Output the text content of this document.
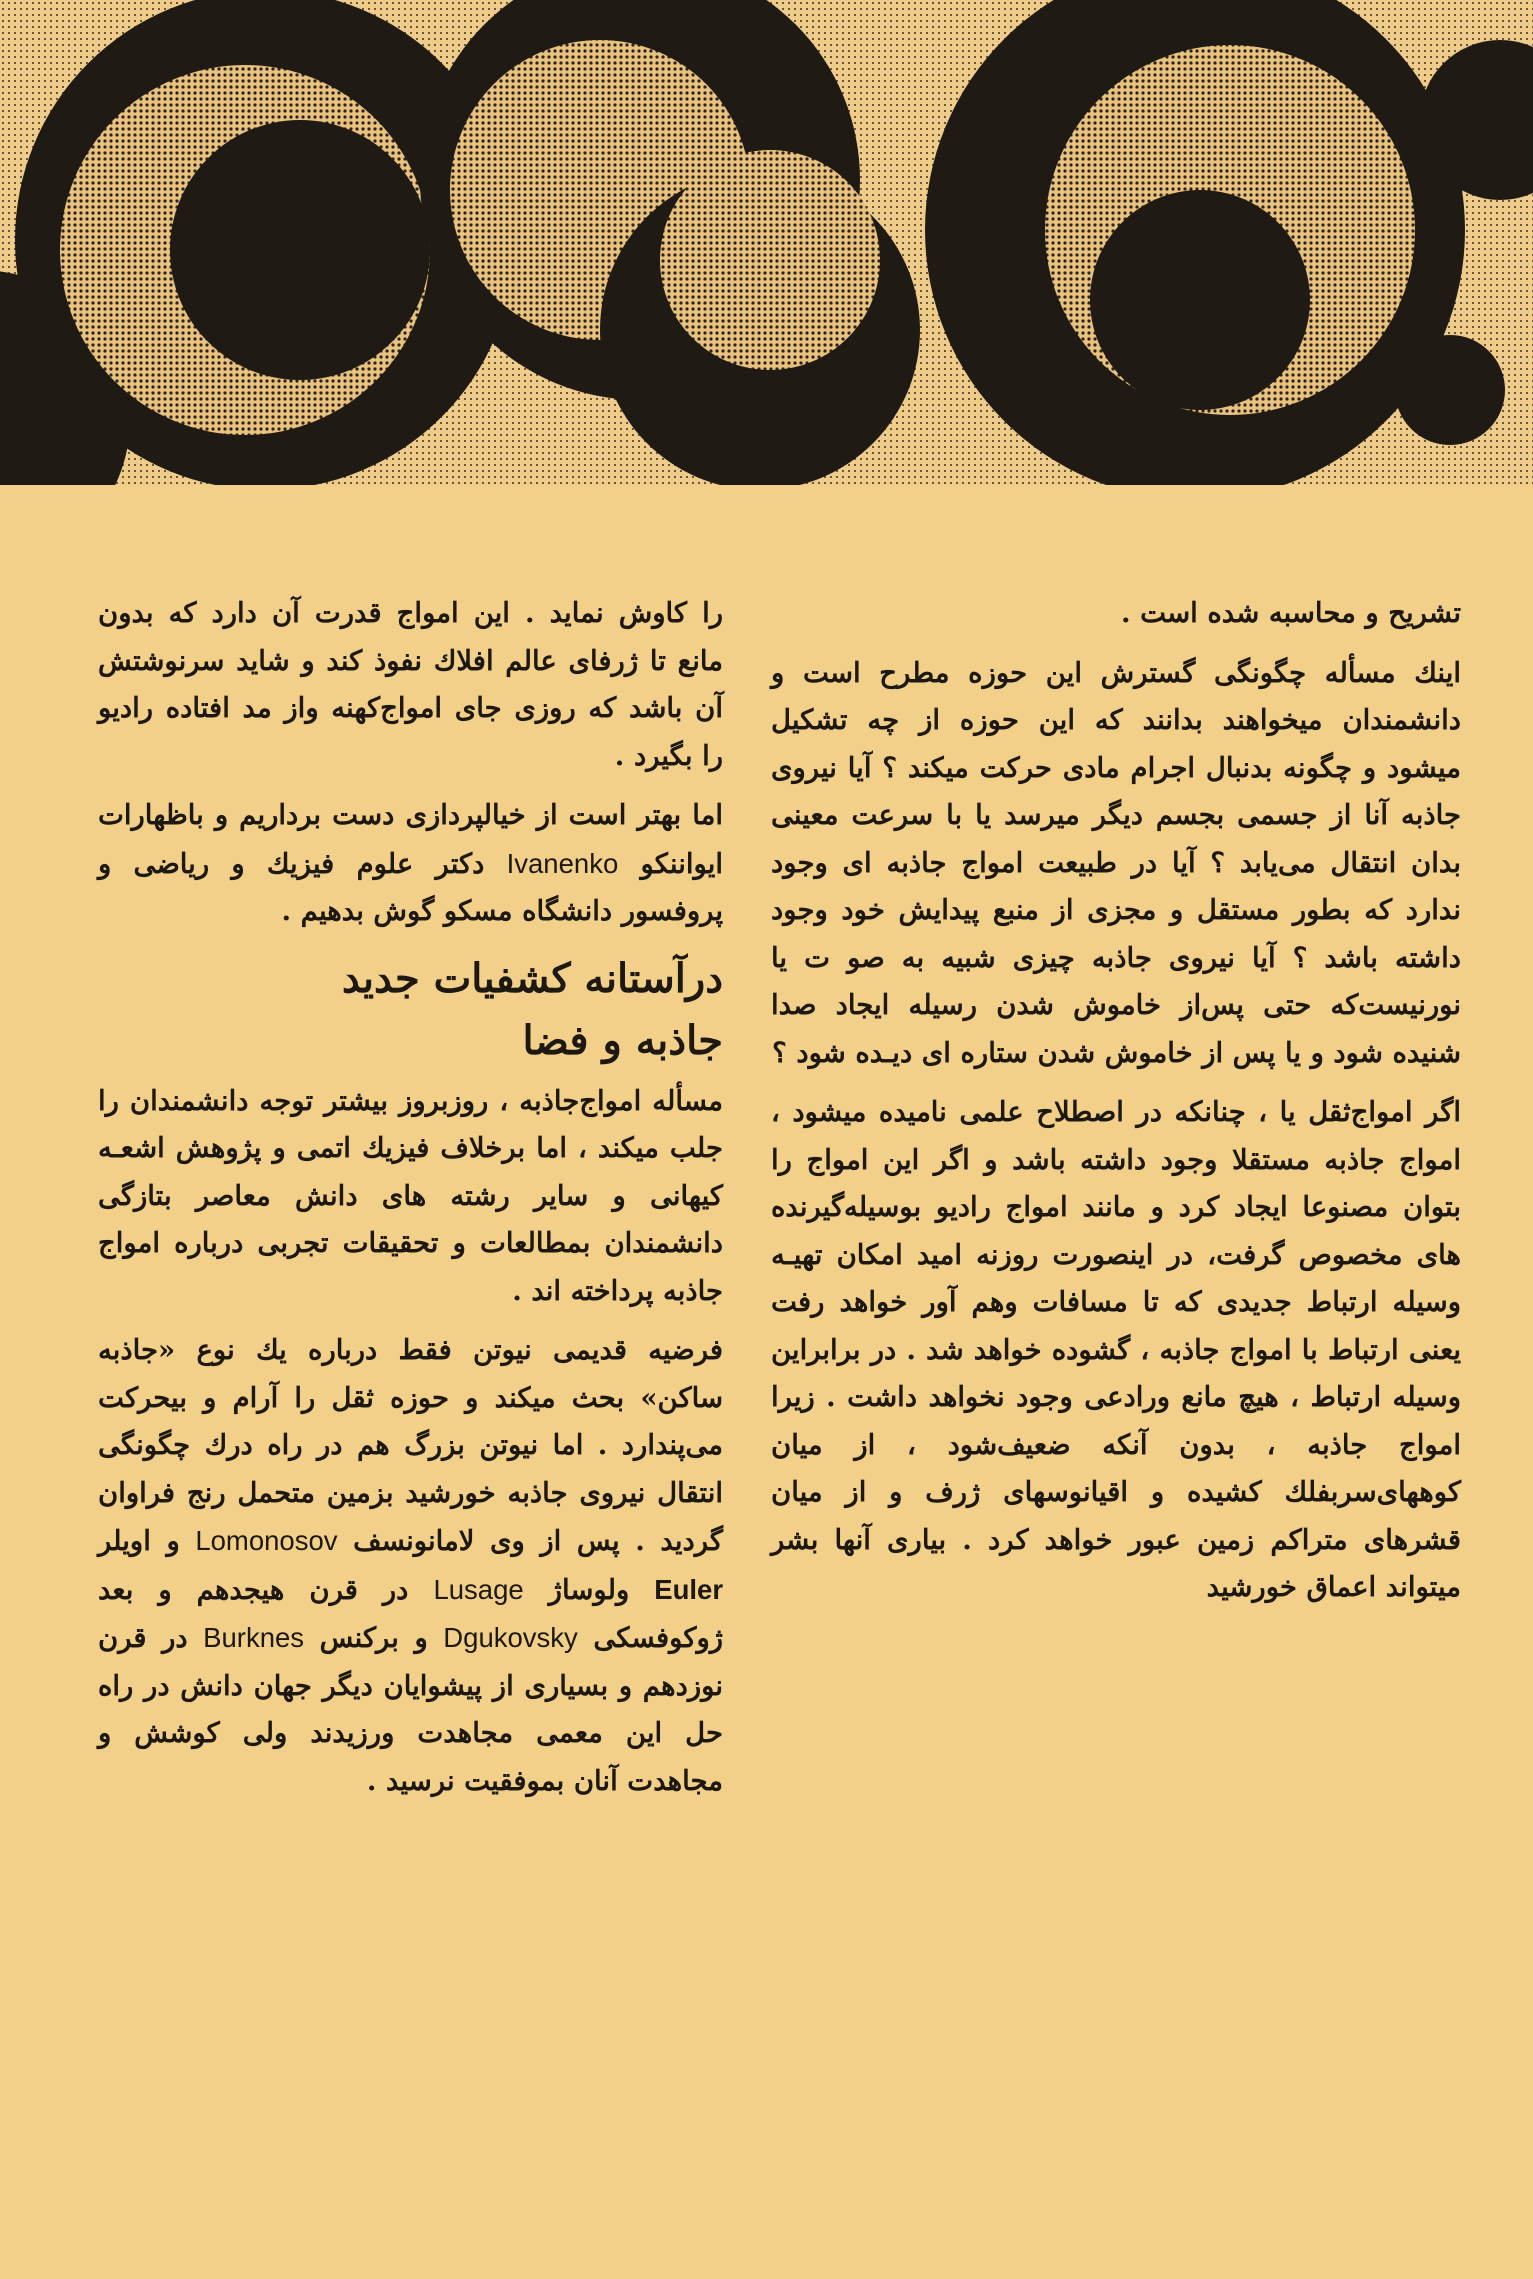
تشریح و محاسبه شده است .

اینك مسأله چگونگی گسترش این حوزه مطرح است و دانشمندان میخواهند بدانند که این حوزه از چه تشکیل میشود و چگونه بدنبال اجرام مادی حرکت میکند ؟ آیا نیروی جاذبه آنا از جسمی بجسم دیگر میرسد یا با سرعت معینی بدان انتقال می‌یابد ؟ آیا در طبیعت امواج جاذبه ای وجود ندارد که بطور مستقل و مجزی از منبع پیدایش خود وجود داشته باشد ؟ آیا نیروی جاذبه چیزی شبیه به صو ت یا نورنیست‌که حتی پس‌از خاموش شدن رسیله ایجاد صدا شنیده شود و یا پس از خاموش شدن ستاره ای دیـده شود ؟

اگر امواج‌ثقل یا ، چنانکه در اصطلاح علمی نامیده میشود ، امواج جاذبه مستقلا وجود داشته باشد و اگر این امواج را بتوان مصنوعا ایجاد کرد و مانند امواج رادیو بوسیله‌گیرنده های مخصوص گرفت، در اینصورت روزنه امید امکان تهیـه وسیله ارتباط جدیدی که تا مسافات وهم آور خواهد رفت یعنی ارتباط با امواج جاذبه ، گشوده خواهد شد . در برابراین وسیله ارتباط ، هیچ مانع ورادعی وجود نخواهد داشت . زیرا امواج جاذبه ، بدون آنکه ضعیف‌شود ، از میان کوههای‌سربفلك کشیده و اقیانوسهای ژرف و از میان قشرهای متراکم زمین عبور خواهد کرد . بیاری آنها بشر میتواند اعماق خورشید

را کاوش نماید . این امواج قدرت آن دارد که بدون مانع تا ژرفای عالم افلاك نفوذ کند و شاید سرنوشتش آن باشد که روزی جای امواج‌کهنه واز مد افتاده رادیو را بگیرد .

اما بهتر است از خیالپردازی دست برداریم و باظهارات ایواننکو Ivanenko دکتر علوم فیزیك و ریاضی و پروفسور دانشگاه مسکو گوش بدهیم .

درآستانه کشفیات جدید
جاذبه و فضا

مسأله امواج‌جاذبه ، روزبروز بیشتر توجه دانشمندان را جلب میکند ، اما برخلاف فیزیك اتمی و پژوهش اشعـه کیهانی و سایر رشته های دانش معاصر بتازگی دانشمندان بمطالعات و تحقیقات تجربی درباره امواج جاذبه پرداخته اند .

فرضیه قدیمی نیوتن فقط درباره یك نوع «جاذبه ساکن» بحث میکند و حوزه ثقل را آرام و بیحرکت می‌پندارد . اما نیوتن بزرگ هم در راه درك چگونگی انتقال نیروی جاذبه خورشید بزمین متحمل رنج فراوان گردید . پس از وی لامانونسف Lomonosov و اویلر Euler ولوساژ Lusage در قرن هیجدهم و بعد ژوکوفسکی Dgukovsky و برکنس Burknes در قرن نوزدهم و بسیاری از پیشوایان دیگر جهان دانش در راه حل این معمی مجاهدت ورزیدند ولی کوشش و مجاهدت آنان بموفقیت نرسید .
